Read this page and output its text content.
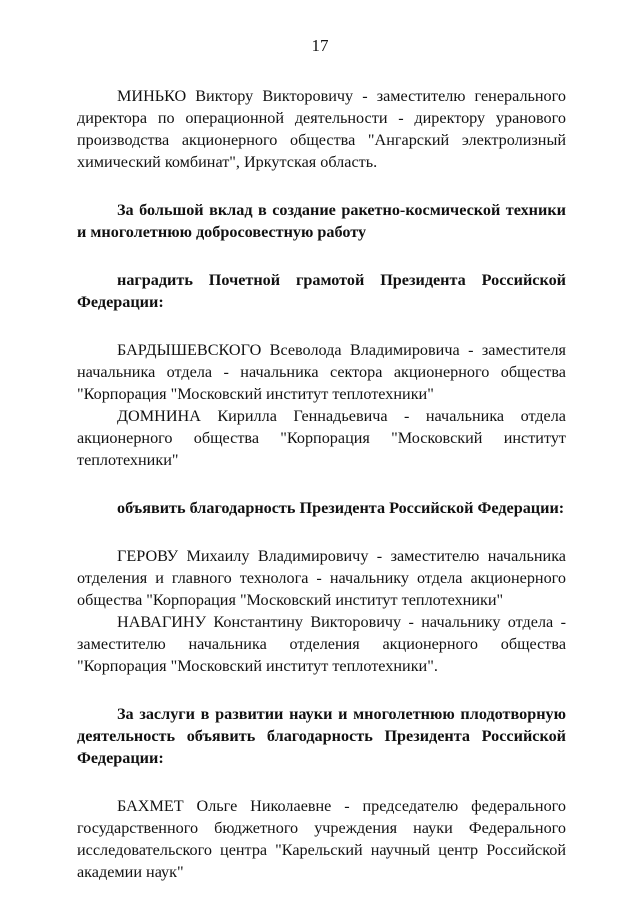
17

МИНЬКО Виктору Викторовичу - заместителю генерального директора по операционной деятельности - директору уранового производства акционерного общества "Ангарский электролизный химический комбинат", Иркутская область.

За большой вклад в создание ракетно-космической техники и многолетнюю добросовестную работу

наградить Почетной грамотой Президента Российской Федерации:

БАРДЫШЕВСКОГО Всеволода Владимировича - заместителя начальника отдела - начальника сектора акционерного общества "Корпорация "Московский институт теплотехники"

ДОМНИНА Кирилла Геннадьевича - начальника отдела акционерного общества "Корпорация "Московский институт теплотехники"

объявить благодарность Президента Российской Федерации:

ГЕРОВУ Михаилу Владимировичу - заместителю начальника отделения и главного технолога - начальнику отдела акционерного общества "Корпорация "Московский институт теплотехники"

НАВАГИНУ Константину Викторовичу - начальнику отдела - заместителю начальника отделения акционерного общества "Корпорация "Московский институт теплотехники".

За заслуги в развитии науки и многолетнюю плодотворную деятельность объявить благодарность Президента Российской Федерации:

БАХМЕТ Ольге Николаевне - председателю федерального государственного бюджетного учреждения науки Федерального исследовательского центра "Карельский научный центр Российской академии наук"
